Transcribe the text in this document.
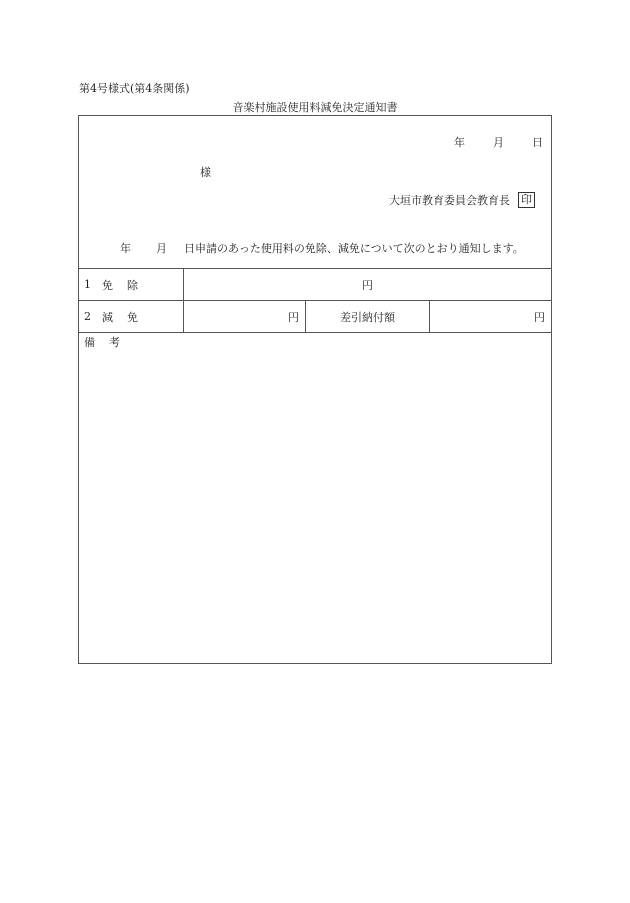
第4号様式(第4条関係)
音楽村施設使用料減免決定通知書
年	月	日
様
大垣市教育委員会教育長 印
年 月 日申請のあった使用料の免除、減免について次のとおり通知します。
1	免 除	円
2	減 免	円	差引納付額	円
備 考
